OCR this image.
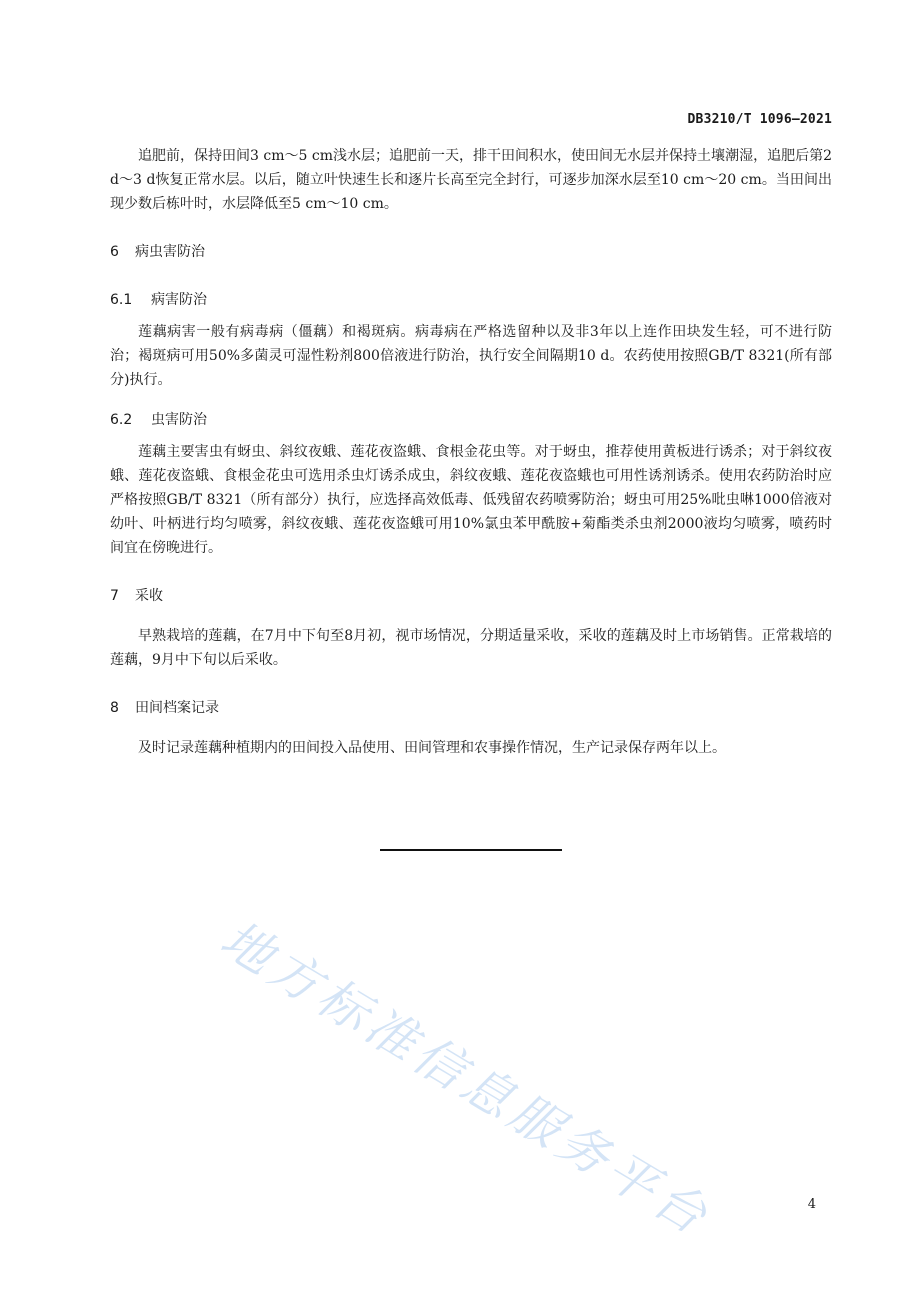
DB3210/T 1096—2021

追肥前，保持田间3 cm～5 cm浅水层；追肥前一天，排干田间积水，使田间无水层并保持土壤潮湿，追肥后第2 d～3 d恢复正常水层。以后，随立叶快速生长和逐片长高至完全封行，可逐步加深水层至10 cm～20 cm。当田间出现少数后栋叶时，水层降低至5 cm～10 cm。

6 病虫害防治
6.1 病害防治

莲藕病害一般有病毒病（僵藕）和褐斑病。病毒病在严格选留种以及非3年以上连作田块发生轻，可不进行防治；褐斑病可用50%多菌灵可湿性粉剂800倍液进行防治，执行安全间隔期10 d。农药使用按照GB/T 8321(所有部分)执行。

6.2 虫害防治

莲藕主要害虫有蚜虫、斜纹夜蛾、莲花夜盗蛾、食根金花虫等。对于蚜虫，推荐使用黄板进行诱杀；对于斜纹夜蛾、莲花夜盗蛾、食根金花虫可选用杀虫灯诱杀成虫，斜纹夜蛾、莲花夜盗蛾也可用性诱剂诱杀。使用农药防治时应严格按照GB/T 8321（所有部分）执行，应选择高效低毒、低残留农药喷雾防治；蚜虫可用25%吡虫啉1000倍液对幼叶、叶柄进行均匀喷雾，斜纹夜蛾、莲花夜盗蛾可用10%氯虫苯甲酰胺+菊酯类杀虫剂2000液均匀喷雾，喷药时间宜在傍晚进行。

7 采收

早熟栽培的莲藕，在7月中下旬至8月初，视市场情况，分期适量采收，采收的莲藕及时上市场销售。正常栽培的莲藕，9月中下旬以后采收。

8 田间档案记录

及时记录莲藕种植期内的田间投入品使用、田间管理和农事操作情况，生产记录保存两年以上。

地方标准信息服务平台	4
